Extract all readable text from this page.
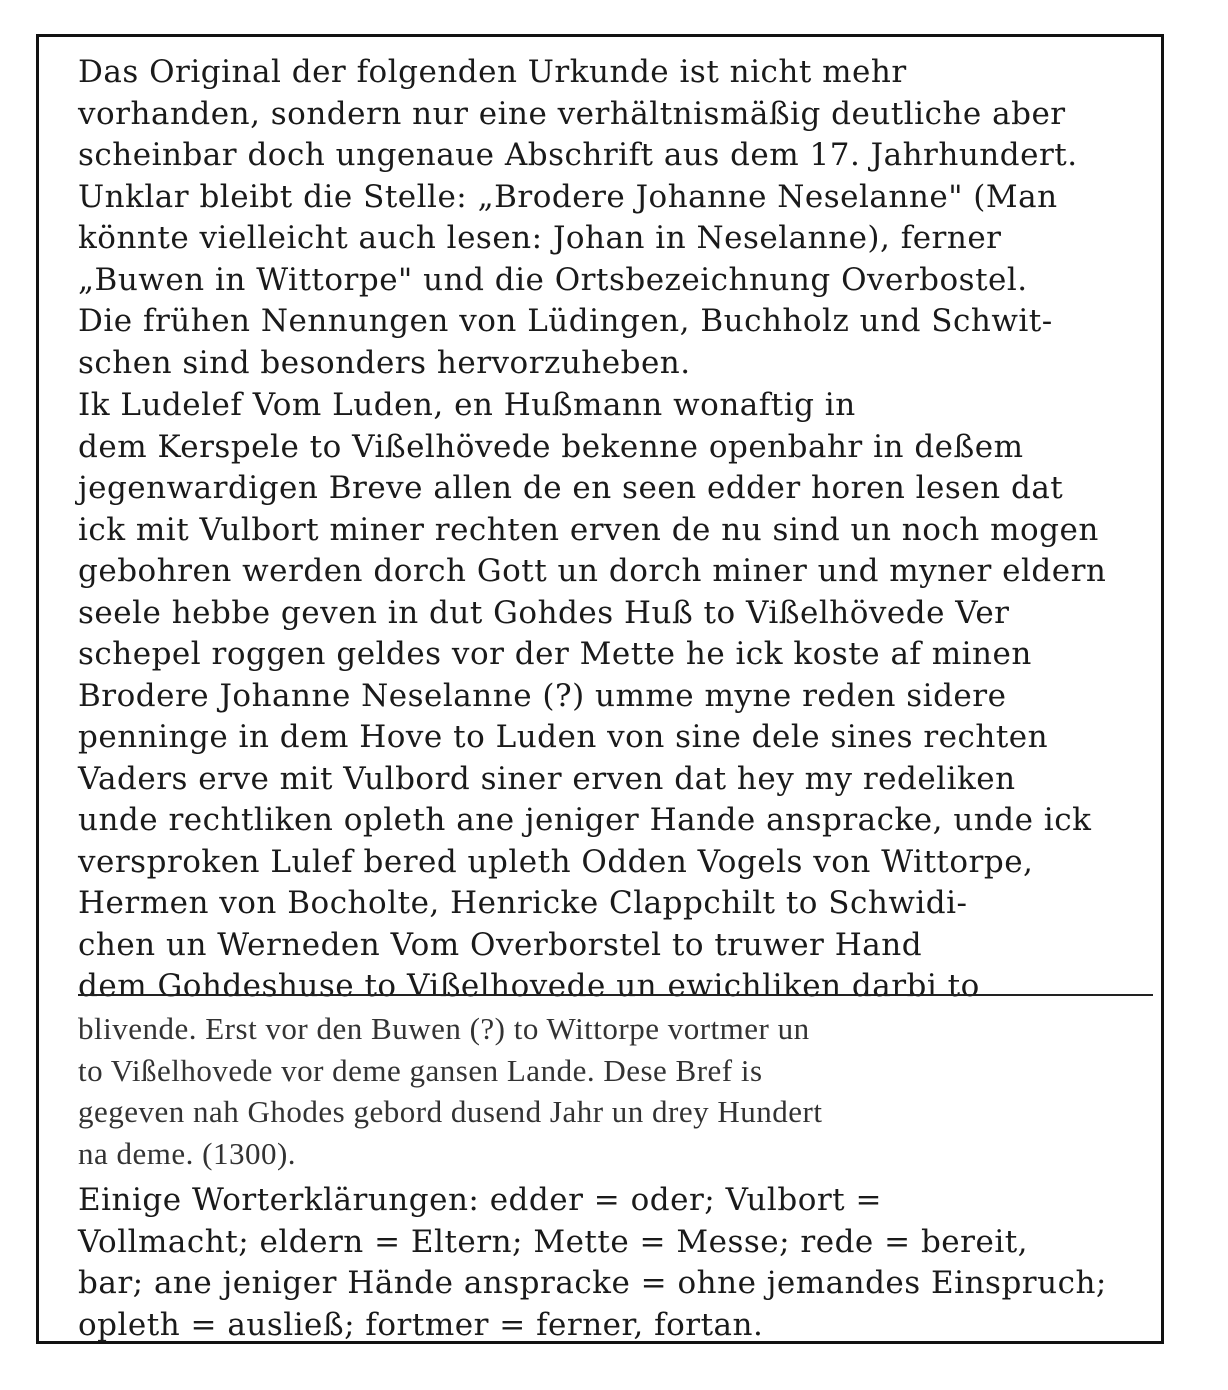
Das Original der folgenden Urkunde ist nicht mehr
vorhanden, sondern nur eine verhältnismäßig deutliche aber
scheinbar doch ungenaue Abschrift aus dem 17. Jahrhundert.
Unklar bleibt die Stelle: „Brodere Johanne Neselanne" (Man
könnte vielleicht auch lesen: Johan in Neselanne), ferner
„Buwen in Wittorpe" und die Ortsbezeichnung Overbostel.
Die frühen Nennungen von Lüdingen, Buchholz und Schwit-
schen sind besonders hervorzuheben.
Ik Ludelef Vom Luden, en Hußmann wonaftig in
dem Kerspele to Vißelhövede bekenne openbahr in deßem
jegenwardigen Breve allen de en seen edder horen lesen dat
ick mit Vulbort miner rechten erven de nu sind un noch mogen
gebohren werden dorch Gott un dorch miner und myner eldern
seele hebbe geven in dut Gohdes Huß to Vißelhövede Ver
schepel roggen geldes vor der Mette he ick koste af minen
Brodere Johanne Neselanne (?) umme myne reden sidere
penninge in dem Hove to Luden von sine dele sines rechten
Vaders erve mit Vulbord siner erven dat hey my redeliken
unde rechtliken opleth ane jeniger Hande anspracke, unde ick
versproken Lulef bered upleth Odden Vogels von Wittorpe,
Hermen von Bocholte, Henricke Clappchilt to Schwidi-
chen un Werneden Vom Overborstel to truwer Hand
dem Gohdeshuse to Vißelhovede un ewichliken darbi to
blivende. Erst vor den Buwen (?) to Wittorpe vortmer un
to Vißelhovede vor deme gansen Lande. Dese Bref is
gegeven nah Ghodes gebord dusend Jahr un drey Hundert
na deme. (1300).
Einige Worterklärungen: edder = oder; Vulbort =
Vollmacht; eldern = Eltern; Mette = Messe; rede = bereit,
bar; ane jeniger Hände anspracke = ohne jemandes Einspruch;
opleth = ausließ; fortmer = ferner, fortan.
